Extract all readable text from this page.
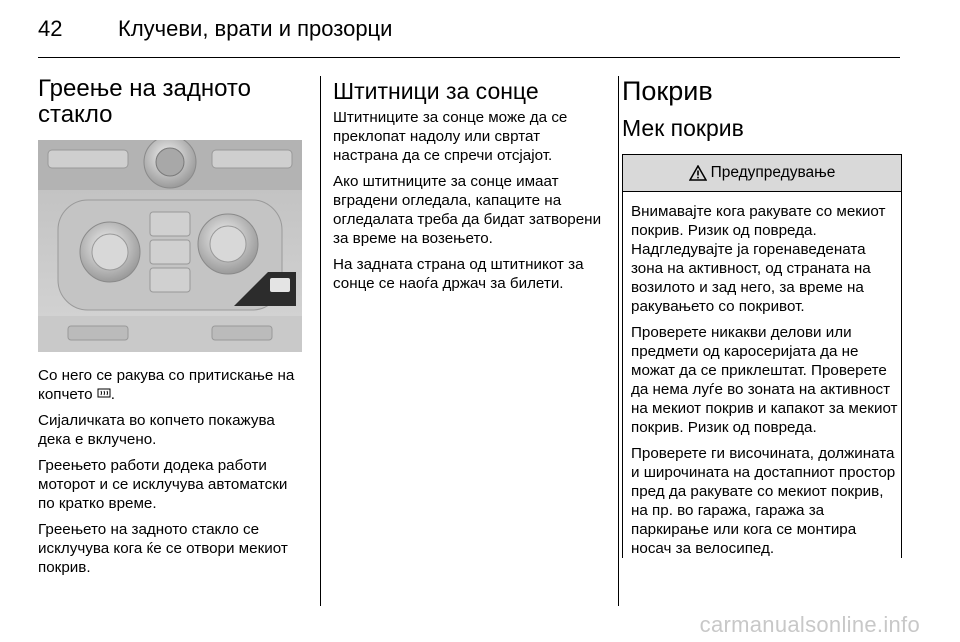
42	Клучеви, врати и прозорци
Греење на задното стакло

Со него се ракува со притискање на копчето .

Сијаличката во копчето покажува дека е вклучено.

Греењето работи додека работи моторот и се исклучува автоматски по кратко време.

Греењето на задното стакло се исклучува кога ќе се отвори мекиот покрив.

Штитници за сонце

Штитниците за сонце може да се преклопат надолу или свртат настрана да се спречи отсјајот.

Ако штитниците за сонце имаат вградени огледала, капаците на огледалата треба да бидат затворени за време на возењето.

На задната страна од штитникот за сонце се наоѓа држач за билети.

Покрив
Мек покрив
Предупредување

Внимавајте кога ракувате со мекиот покрив. Ризик од повреда. Надгледувајте ја горенаведената зона на активност, од страната на возилото и зад него, за време на ракувањето со покривот.

Проверете никакви делови или предмети од каросеријата да не можат да се приклештат. Проверете да нема луѓе во зоната на активност на мекиот покрив и капакот за мекиот покрив. Ризик од повреда.

Проверете ги височината, должината и широчината на достапниот простор пред да ракувате со мекиот покрив, на пр. во гаража, гаража за паркирање или кога се монтира носач за велосипед.

carmanualsonline.info
